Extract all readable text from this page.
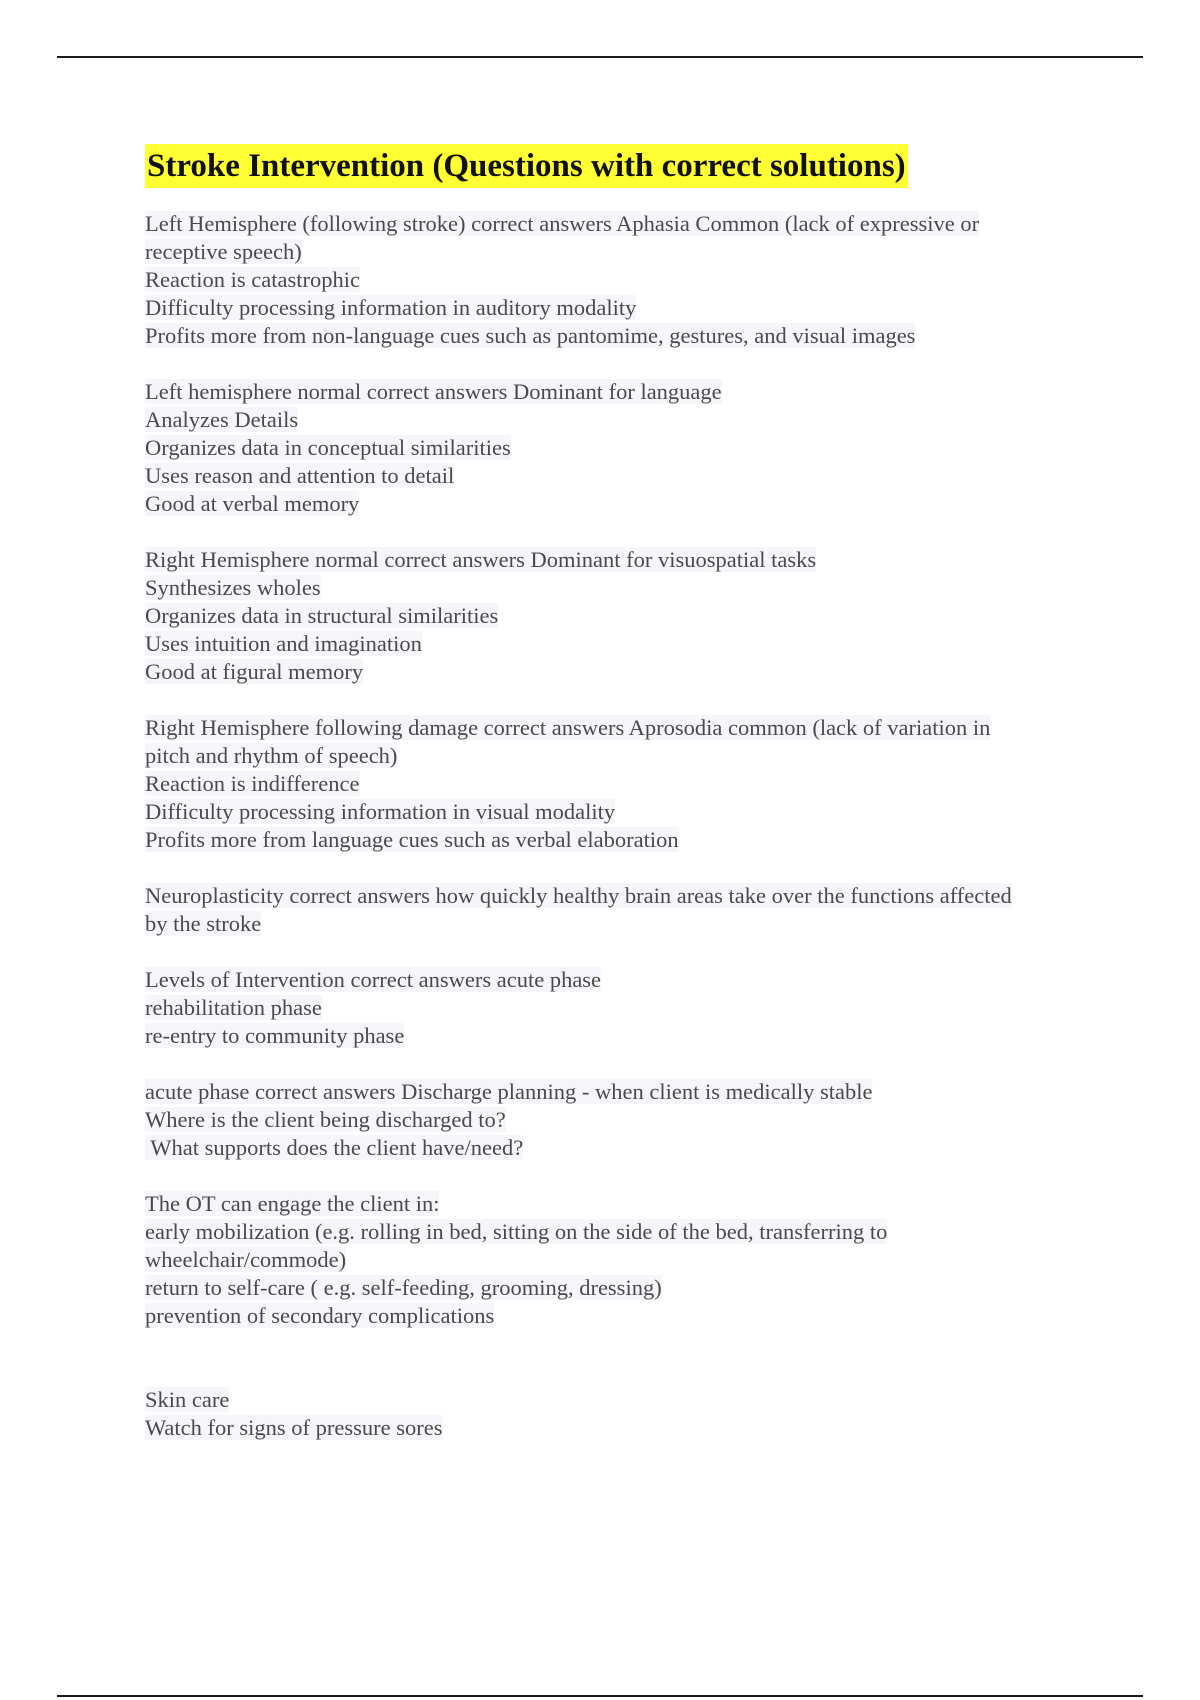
Stroke Intervention (Questions with correct solutions)
Left Hemisphere (following stroke) correct answers Aphasia Common (lack of expressive or
receptive speech)
Reaction is catastrophic
Difficulty processing information in auditory modality
Profits more from non-language cues such as pantomime, gestures, and visual images
Left hemisphere normal correct answers Dominant for language
Analyzes Details
Organizes data in conceptual similarities
Uses reason and attention to detail
Good at verbal memory
Right Hemisphere normal correct answers Dominant for visuospatial tasks
Synthesizes wholes
Organizes data in structural similarities
Uses intuition and imagination
Good at figural memory
Right Hemisphere following damage correct answers Aprosodia common (lack of variation in
pitch and rhythm of speech)
Reaction is indifference
Difficulty processing information in visual modality
Profits more from language cues such as verbal elaboration
Neuroplasticity correct answers how quickly healthy brain areas take over the functions affected
by the stroke
Levels of Intervention correct answers acute phase
rehabilitation phase
re-entry to community phase
acute phase correct answers Discharge planning - when client is medically stable
Where is the client being discharged to?
What supports does the client have/need?
The OT can engage the client in:
early mobilization (e.g. rolling in bed, sitting on the side of the bed, transferring to
wheelchair/commode)
return to self-care ( e.g. self-feeding, grooming, dressing)
prevention of secondary complications
Skin care
Watch for signs of pressure sores
